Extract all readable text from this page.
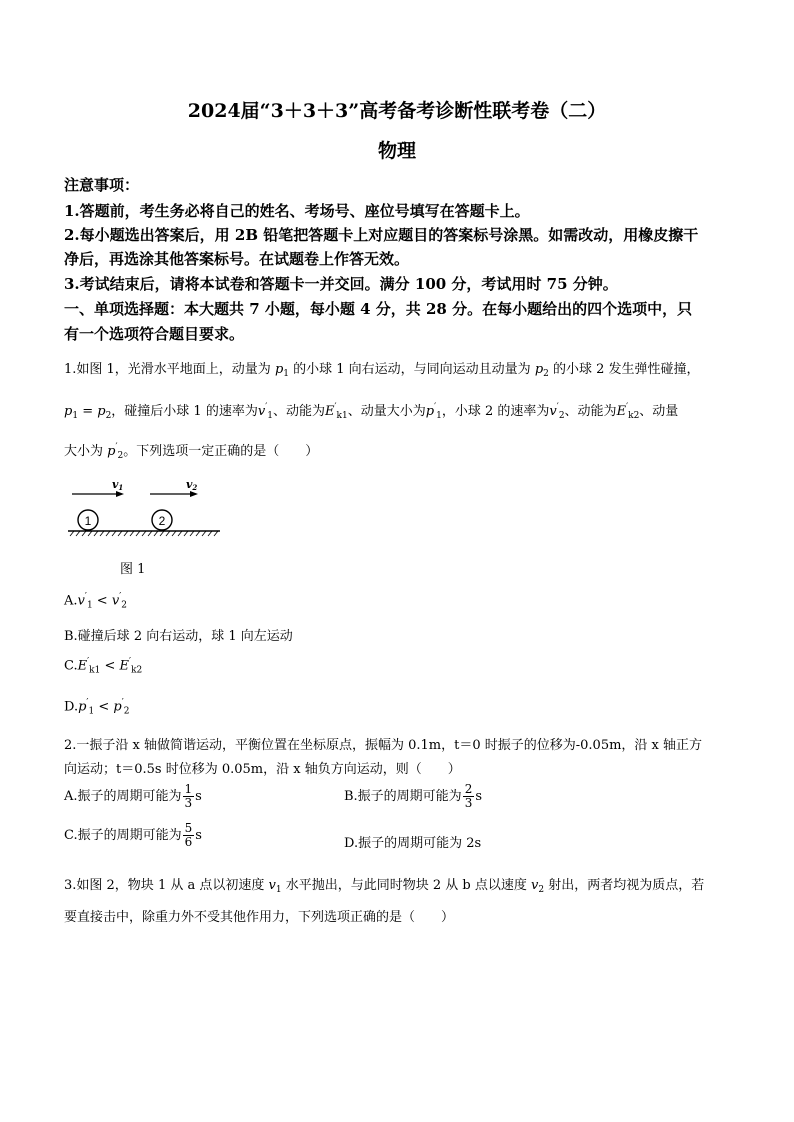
2024届“3＋3＋3”高考备考诊断性联考卷（二）
物理
注意事项：
1.答题前，考生务必将自己的姓名、考场号、座位号填写在答题卡上。
2.每小题选出答案后，用 2B 铅笔把答题卡上对应题目的答案标号涂黑。如需改动，用橡皮擦干
净后，再选涂其他答案标号。在试题卷上作答无效。
3.考试结束后，请将本试卷和答题卡一并交回。满分 100 分，考试用时 75 分钟。
一、单项选择题：本大题共 7 小题，每小题 4 分，共 28 分。在每小题给出的四个选项中，只
有一个选项符合题目要求。
1.如图 1，光滑水平地面上，动量为 $p_1$ 的小球 1 向右运动，与同向运动且动量为 $p_2$ 的小球 2 发生弹性碰撞，
$p_1 = p_2$，碰撞后小球 1 的速率为$v'_1$、动能为$E'_{k1}$、动量大小为$p'_1$，小球 2 的速率为$v'_2$、动能为$E'_{k2}$、动量
大小为 $p'_2$。下列选项一定正确的是（　　）
v1	v2
1	2
图 1
$A.v'_1 < v'_2$
B.碰撞后球 2 向右运动，球 1 向左运动
$C.E'_{k1} < E'_{k2}$
$D.p'_1 < p'_2$
2.一振子沿 x 轴做简谐运动，平衡位置在坐标原点，振幅为 0.1m，t＝0 时振子的位移为-0.05m，沿 x 轴正方
向运动；t＝0.5s 时位移为 0.05m，沿 x 轴负方向运动，则（　　）
A.振子的周期可能为 $\frac{1}{3}$ s	B.振子的周期可能为 $\frac{2}{3}$ s
C.振子的周期可能为 $\frac{5}{6}$ s
D.振子的周期可能为 2s
3.如图 2，物块 1 从 a 点以初速度 $v_1$ 水平抛出，与此同时物块 2 从 b 点以速度 $v_2$ 射出，两者均视为质点，若
要直接击中，除重力外不受其他作用力，下列选项正确的是（　　）
